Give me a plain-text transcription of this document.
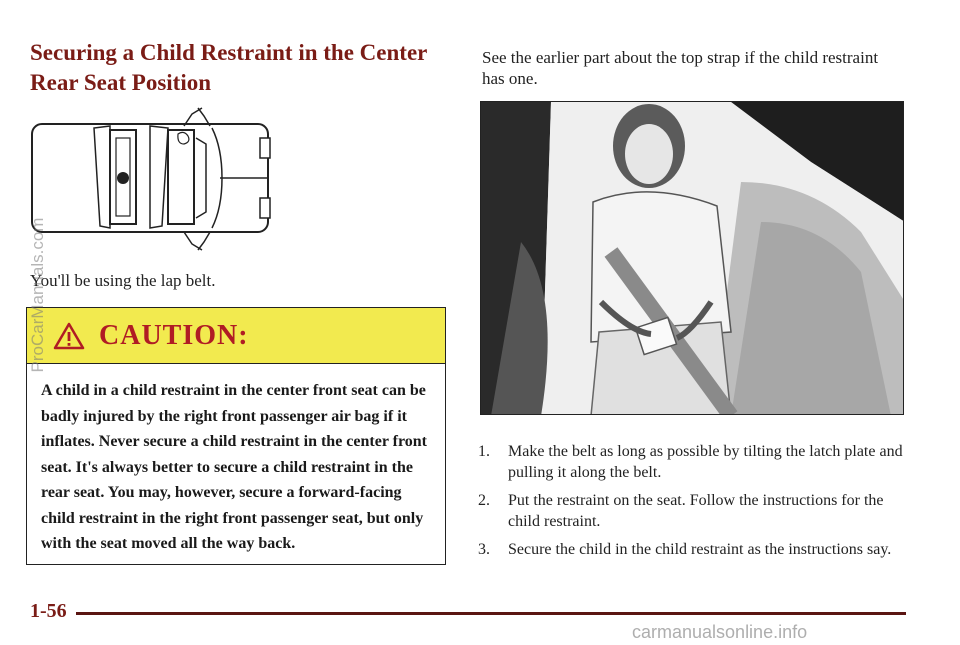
Securing a Child Restraint in the Center Rear Seat Position

You'll be using the lap belt.

CAUTION:

A child in a child restraint in the center front seat can be badly injured by the right front passenger air bag if it inflates. Never secure a child restraint in the center front seat. It's always better to secure a child restraint in the rear seat. You may, however, secure a forward-facing child restraint in the right front passenger seat, but only with the seat moved all the way back.

See the earlier part about the top strap if the child restraint has one.

1. Make the belt as long as possible by tilting the latch plate and pulling it along the belt.
2. Put the restraint on the seat. Follow the instructions for the child restraint.
3. Secure the child in the child restraint as the instructions say.

1-56

ProCarManuals.com

carmanualsonline.info
